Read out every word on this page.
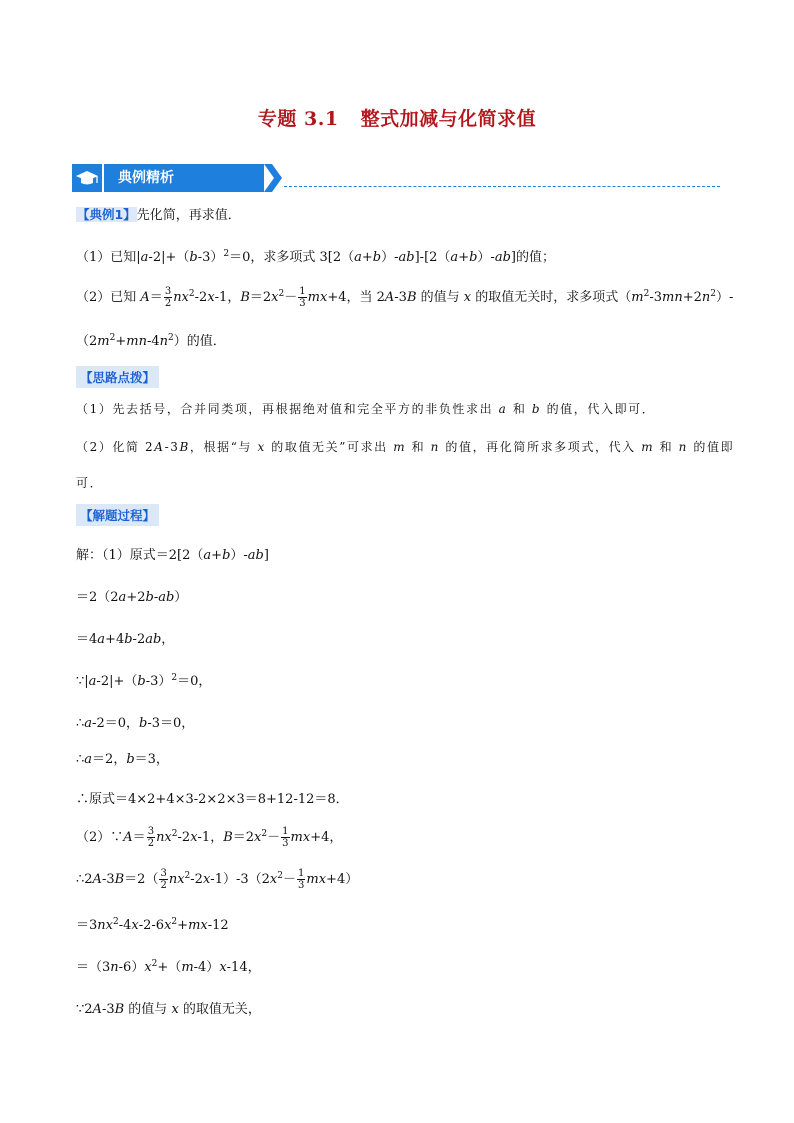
专题 3.1 整式加减与化简求值
典例精析
【典例1】先化简，再求值．
（1）已知$|a-2|+(b-3)^2=0$，求多项式 3[2（a+b）-ab]-[2（a+b）-ab]的值；
（2）已知 $A= \frac{3}{2} nx^2-2x-1$，$B=2x^2- \frac{1}{3} mx+4$，当 2A-3B 的值与 x 的取值无关时，求多项式$(m^2-3mn+2n^2)-$
$(2m^2+mn-4n^2)$的值．
【思路点拨】
（1）先去括号，合并同类项，再根据绝对值和完全平方的非负性求出 a 和 b 的值，代入即可．
（2）化简 2A-3B，根据“与 x 的取值无关”可求出 m 和 n 的值，再化简所求多项式，代入 m 和 n 的值即
可．
【解题过程】
解：（1）原式＝2[2（a+b）-ab]
＝2（2a+2b-ab）
＝4a+4b-2ab，
$\because|a-2|+(b-3)^2=0$，
∴a-2＝0，b-3＝0，
∴a＝2，b＝3，
∴原式＝4×2+4×3-2×2×3＝8+12-12＝8．
（2）∵A＝ $\frac{3}{2} nx^2-2x-1$，$B=2x^2- \frac{1}{3} mx+4$，
∴2A-3B＝2（ $\frac{3}{2} nx^2-2x-1)-3(2x^2- \frac{1}{3} mx+4)$
$=3nx^2-4x-2-6x^2+mx-12$
$=(3n-6)x^2+(m-4)x-14$，
∵2A-3B 的值与 x 的取值无关，
